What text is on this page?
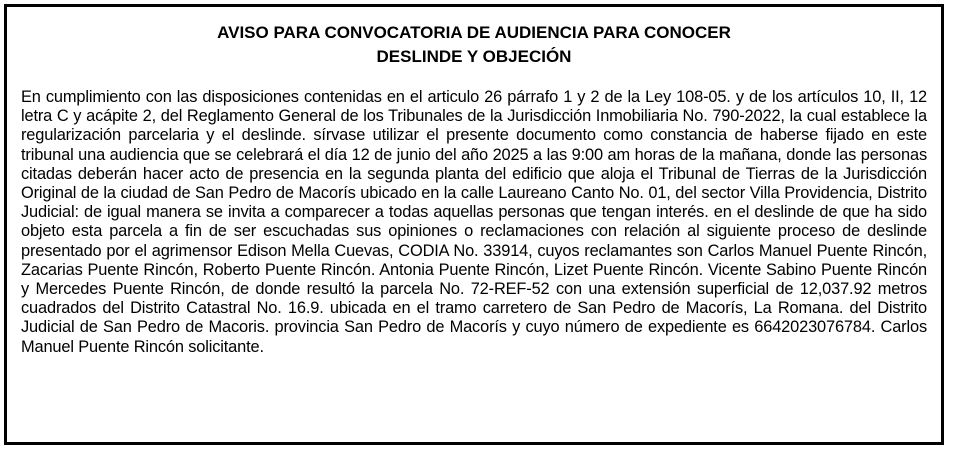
AVISO PARA CONVOCATORIA DE AUDIENCIA PARA CONOCER
DESLINDE Y OBJECIÓN

En cumplimiento con las disposiciones contenidas en el articulo 26 párrafo 1 y 2 de la Ley 108-05. y de los artículos 10, II, 12 letra C y acápite 2, del Reglamento General de los Tribunales de la Jurisdicción Inmobiliaria No. 790-2022, la cual establece la regularización parcelaria y el deslinde. sírvase utilizar el presente documento como constancia de haberse fijado en este tribunal una audiencia que se celebrará el día 12 de junio del año 2025 a las 9:00 am horas de la mañana, donde las personas citadas deberán hacer acto de presencia en la segunda planta del edificio que aloja el Tribunal de Tierras de la Jurisdicción Original de la ciudad de San Pedro de Macorís ubicado en la calle Laureano Canto No. 01, del sector Villa Providencia, Distrito Judicial: de igual manera se invita a comparecer a todas aquellas personas que tengan interés. en el deslinde de que ha sido objeto esta parcela a fin de ser escuchadas sus opiniones o reclamaciones con relación al siguiente proceso de deslinde presentado por el agrimensor Edison Mella Cuevas, CODIA No. 33914, cuyos reclamantes son Carlos Manuel Puente Rincón, Zacarias Puente Rincón, Roberto Puente Rincón. Antonia Puente Rincón, Lizet Puente Rincón. Vicente Sabino Puente Rincón y Mercedes Puente Rincón, de donde resultó la parcela No. 72-REF-52 con una extensión superficial de 12,037.92 metros cuadrados del Distrito Catastral No. 16.9. ubicada en el tramo carretero de San Pedro de Macorís, La Romana. del Distrito Judicial de San Pedro de Macoris. provincia San Pedro de Macorís y cuyo número de expediente es 6642023076784. Carlos Manuel Puente Rincón solicitante.
